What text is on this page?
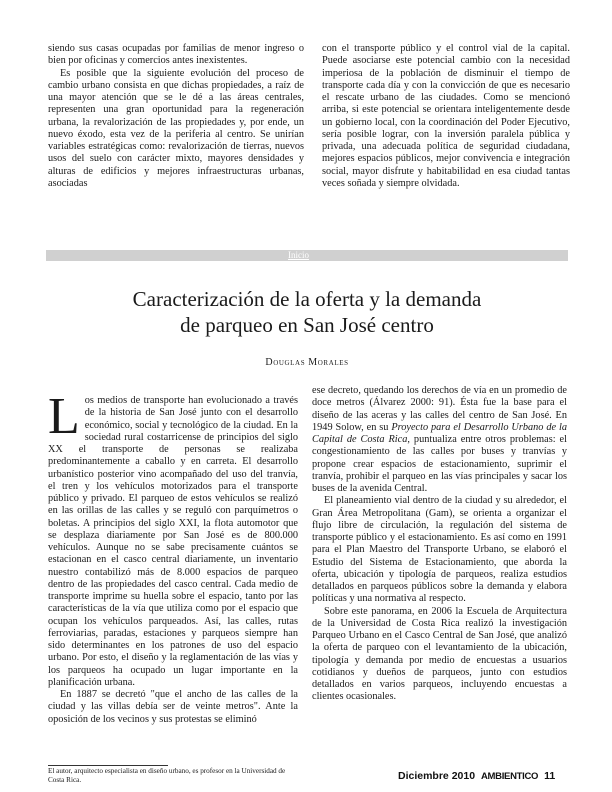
siendo sus casas ocupadas por familias de menor ingreso o bien por oficinas y comercios antes inexistentes.

Es posible que la siguiente evolución del proceso de cambio urbano consista en que dichas propiedades, a raíz de una mayor atención que se le dé a las áreas centrales, representen una gran oportunidad para la regeneración urbana, la revalorización de las propiedades y, por ende, un nuevo éxodo, esta vez de la periferia al centro. Se unirían variables estratégicas como: revalorización de tierras, nuevos usos del suelo con carácter mixto, mayores densidades y alturas de edificios y mejores infraestructuras urbanas, asociadas

con el transporte público y el control vial de la capital. Puede asociarse este potencial cambio con la necesidad imperiosa de la población de disminuir el tiempo de transporte cada día y con la convicción de que es necesario el rescate urbano de las ciudades. Como se mencionó arriba, si este potencial se orientara inteligentemente desde un gobierno local, con la coordinación del Poder Ejecutivo, sería posible lograr, con la inversión paralela pública y privada, una adecuada política de seguridad ciudadana, mejores espacios públicos, mejor convivencia e integración social, mayor disfrute y habitabilidad en esa ciudad tantas veces soñada y siempre olvidada.

Inicio
Caracterización de la oferta y la demanda
de parqueo en San José centro
Douglas Morales

Los medios de transporte han evolucionado a través de la historia de San José junto con el desarrollo económico, social y tecnológico de la ciudad. En la sociedad rural costarricense de principios del siglo XX el transporte de personas se realizaba predominantemente a caballo y en carreta. El desarrollo urbanístico posterior vino acompañado del uso del tranvía, el tren y los vehículos motorizados para el transporte público y privado. El parqueo de estos vehículos se realizó en las orillas de las calles y se reguló con parquímetros o boletas. A principios del siglo XXI, la flota automotor que se desplaza diariamente por San José es de 800.000 vehículos. Aunque no se sabe precisamente cuántos se estacionan en el casco central diariamente, un inventario nuestro contabilizó más de 8.000 espacios de parqueo dentro de las propiedades del casco central. Cada medio de transporte imprime su huella sobre el espacio, tanto por las características de la vía que utiliza como por el espacio que ocupan los vehículos parqueados. Así, las calles, rutas ferroviarias, paradas, estaciones y parqueos siempre han sido determinantes en los patrones de uso del espacio urbano. Por esto, el diseño y la reglamentación de las vías y los parqueos ha ocupado un lugar importante en la planificación urbana.

En 1887 se decretó "que el ancho de las calles de la ciudad y las villas debía ser de veinte metros". Ante la oposición de los vecinos y sus protestas se eliminó

ese decreto, quedando los derechos de vía en un promedio de doce metros (Álvarez 2000: 91). Ésta fue la base para el diseño de las aceras y las calles del centro de San José. En 1949 Solow, en su Proyecto para el Desarrollo Urbano de la Capital de Costa Rica, puntualiza entre otros problemas: el congestionamiento de las calles por buses y tranvías y propone crear espacios de estacionamiento, suprimir el tranvía, prohibir el parqueo en las vías principales y sacar los buses de la avenida Central.

El planeamiento vial dentro de la ciudad y su alrededor, el Gran Área Metropolitana (Gam), se orienta a organizar el flujo libre de circulación, la regulación del sistema de transporte público y el estacionamiento. Es así como en 1991 para el Plan Maestro del Transporte Urbano, se elaboró el Estudio del Sistema de Estacionamiento, que aborda la oferta, ubicación y tipología de parqueos, realiza estudios detallados en parqueos públicos sobre la demanda y elabora políticas y una normativa al respecto.

Sobre este panorama, en 2006 la Escuela de Arquitectura de la Universidad de Costa Rica realizó la investigación Parqueo Urbano en el Casco Central de San José, que analizó la oferta de parqueo con el levantamiento de la ubicación, tipología y demanda por medio de encuestas a usuarios cotidianos y dueños de parqueos, junto con estudios detallados en varios parqueos, incluyendo encuestas a clientes ocasionales.

El autor, arquitecto especialista en diseño urbano, es profesor en la Universidad de Costa Rica.	Diciembre 2010 AMBIENTICO 11
